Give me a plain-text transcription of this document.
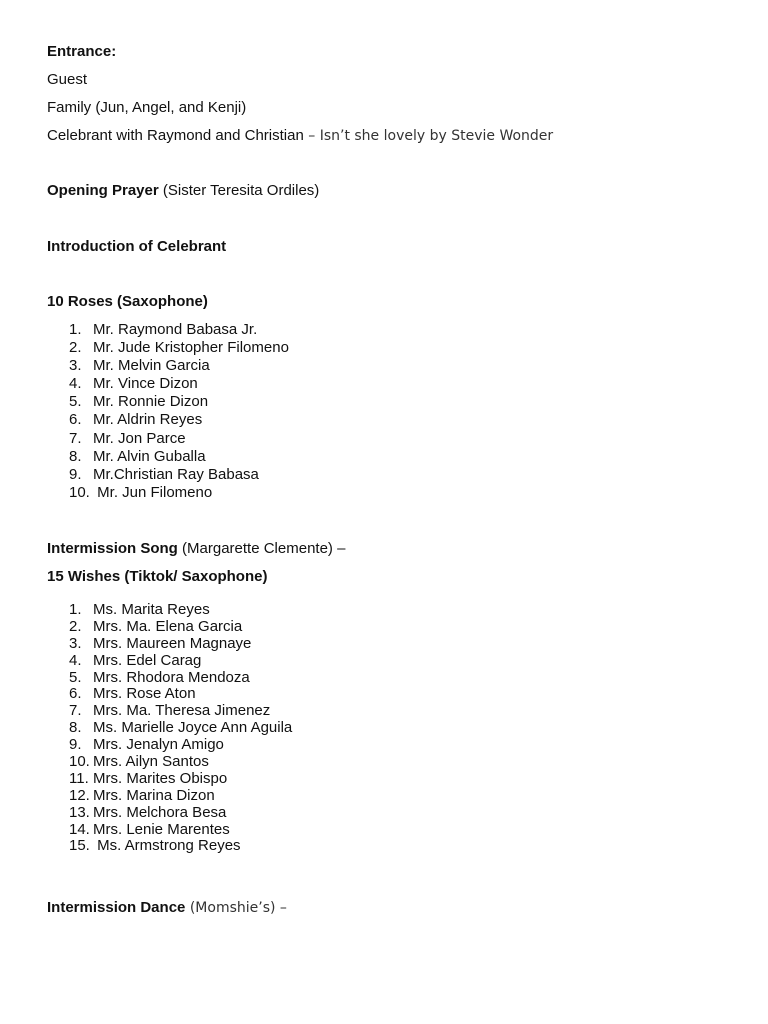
Entrance:
Guest
Family (Jun, Angel, and Kenji)
Celebrant with Raymond and Christian – Isn’t she lovely by Stevie Wonder
Opening Prayer (Sister Teresita Ordiles)
Introduction of Celebrant
10 Roses (Saxophone)
1. Mr. Raymond Babasa Jr.
2. Mr. Jude Kristopher Filomeno
3. Mr. Melvin Garcia
4. Mr. Vince Dizon
5. Mr. Ronnie Dizon
6. Mr. Aldrin Reyes
7. Mr. Jon Parce
8. Mr. Alvin Guballa
9. Mr.Christian Ray Babasa
10. Mr. Jun Filomeno
Intermission Song (Margarette Clemente) –
15 Wishes (Tiktok/ Saxophone)
1. Ms. Marita Reyes
2. Mrs. Ma. Elena Garcia
3. Mrs. Maureen Magnaye
4. Mrs. Edel Carag
5. Mrs. Rhodora Mendoza
6. Mrs. Rose Aton
7. Mrs. Ma. Theresa Jimenez
8. Ms. Marielle Joyce Ann Aguila
9. Mrs. Jenalyn Amigo
10. Mrs. Ailyn Santos
11. Mrs. Marites Obispo
12. Mrs. Marina Dizon
13. Mrs. Melchora Besa
14. Mrs. Lenie Marentes
15. Ms. Armstrong Reyes
Intermission Dance (Momshie’s) –
